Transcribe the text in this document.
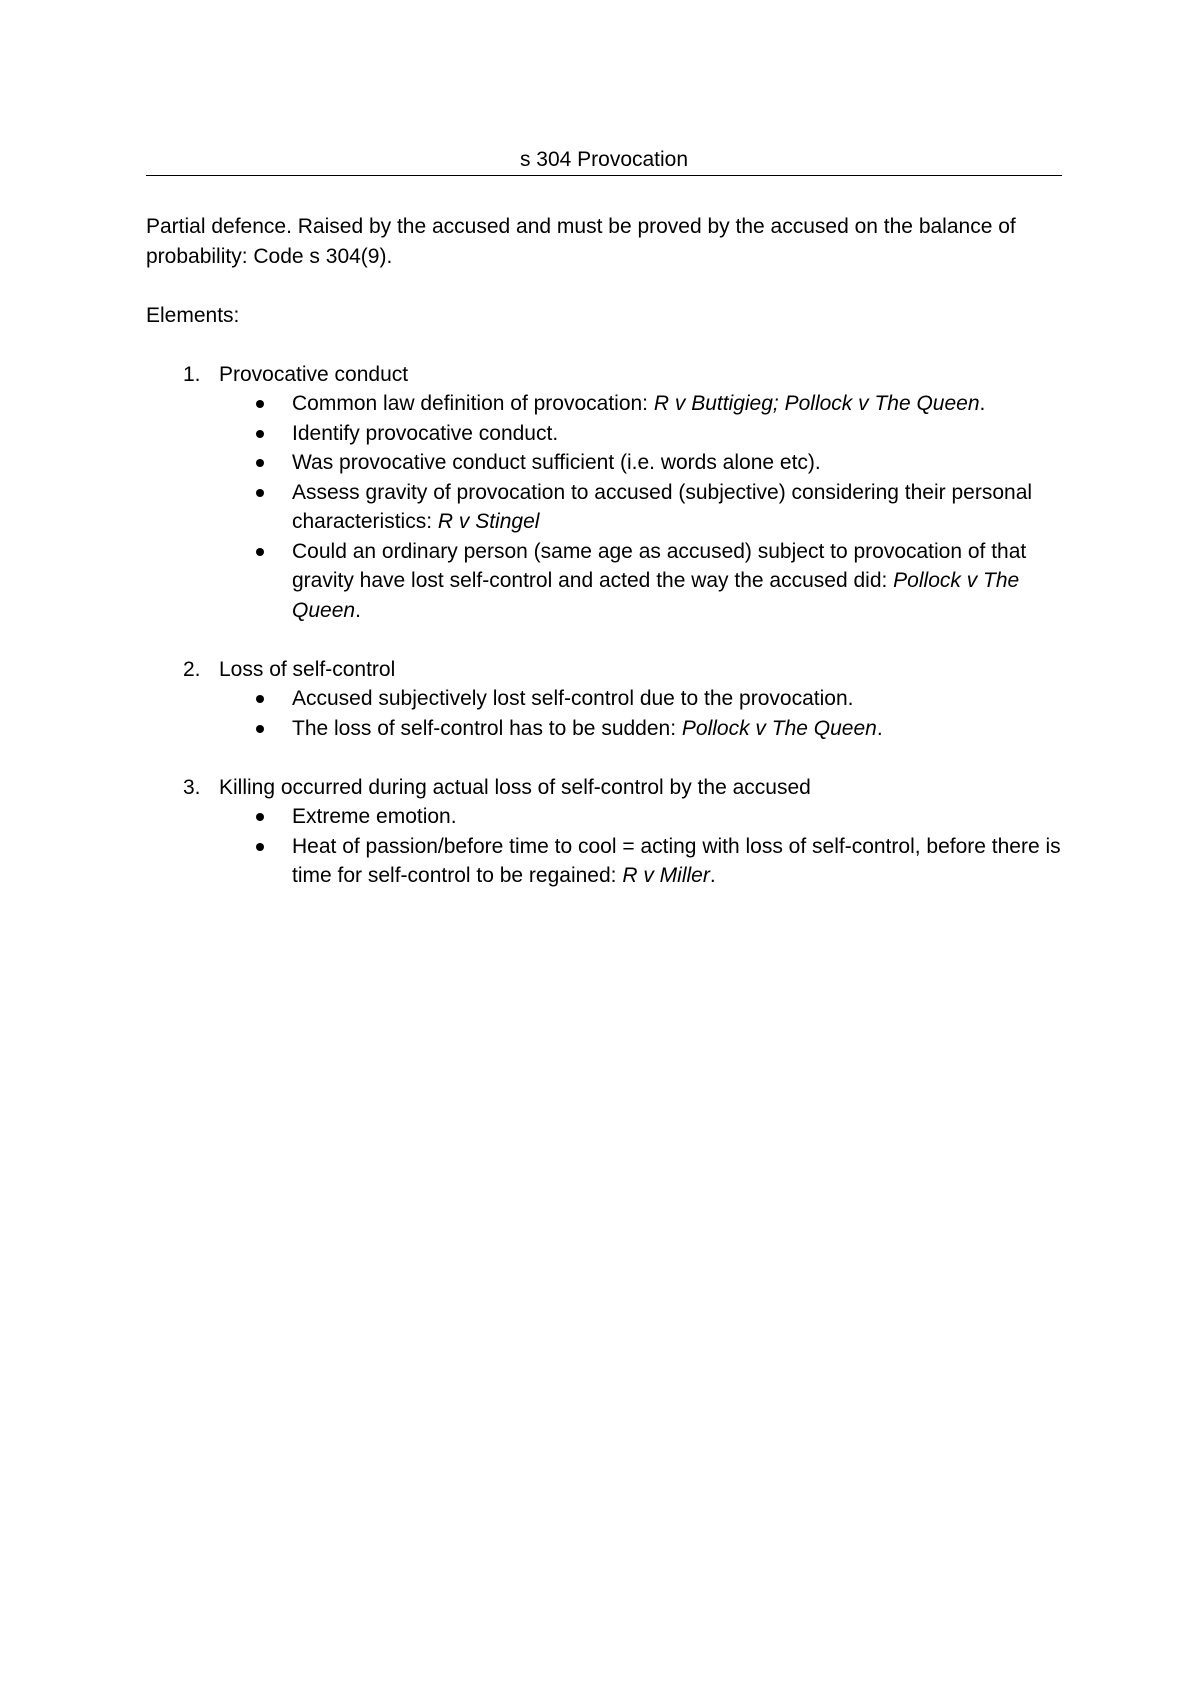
s 304 Provocation

Partial defence. Raised by the accused and must be proved by the accused on the balance of probability: Code s 304(9).

Elements:

1. Provocative conduct
Common law definition of provocation: R v Buttigieg; Pollock v The Queen.
Identify provocative conduct.
Was provocative conduct sufficient (i.e. words alone etc).
Assess gravity of provocation to accused (subjective) considering their personal characteristics: R v Stingel
Could an ordinary person (same age as accused) subject to provocation of that gravity have lost self-control and acted the way the accused did: Pollock v The Queen.
2. Loss of self-control
Accused subjectively lost self-control due to the provocation.
The loss of self-control has to be sudden: Pollock v The Queen.
3. Killing occurred during actual loss of self-control by the accused
Extreme emotion.
Heat of passion/before time to cool = acting with loss of self-control, before there is time for self-control to be regained: R v Miller.
